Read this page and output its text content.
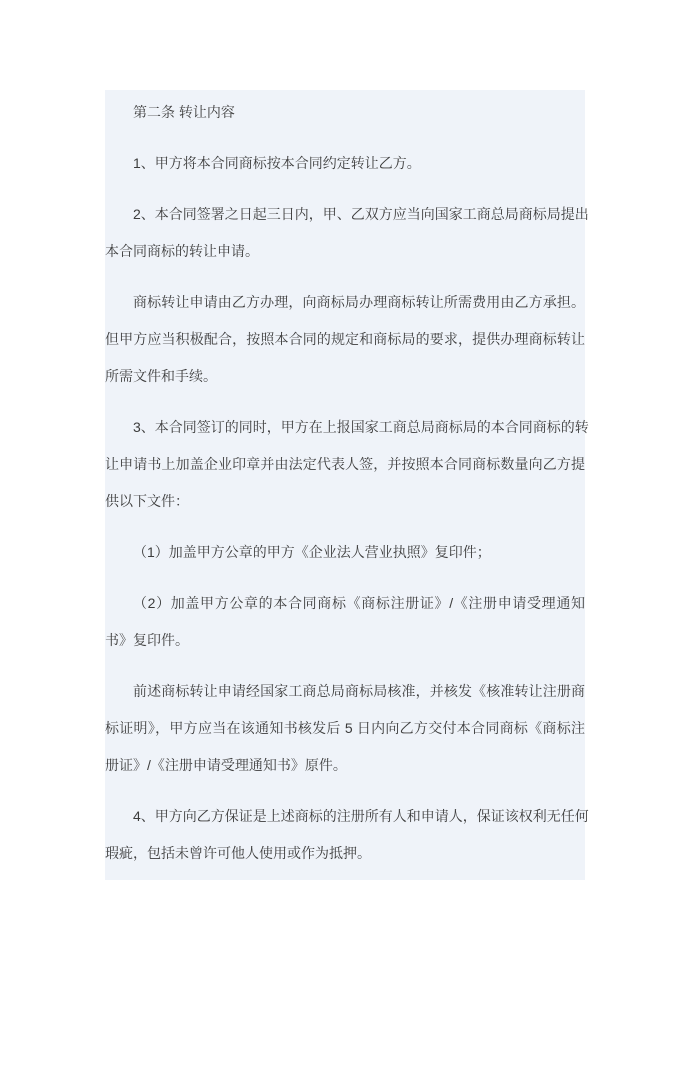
第二条 转让内容
1、甲方将本合同商标按本合同约定转让乙方。
2、本合同签署之日起三日内，甲、乙双方应当向国家工商总局商标局提出
本合同商标的转让申请。
商标转让申请由乙方办理，向商标局办理商标转让所需费用由乙方承担。
但甲方应当积极配合，按照本合同的规定和商标局的要求，提供办理商标转让
所需文件和手续。
3、本合同签订的同时，甲方在上报国家工商总局商标局的本合同商标的转
让申请书上加盖企业印章并由法定代表人签，并按照本合同商标数量向乙方提
供以下文件：
（1）加盖甲方公章的甲方《企业法人营业执照》复印件；
（2）加盖甲方公章的本合同商标《商标注册证》/《注册申请受理通知
书》复印件。
前述商标转让申请经国家工商总局商标局核准，并核发《核准转让注册商
标证明》，甲方应当在该通知书核发后 5 日内向乙方交付本合同商标《商标注
册证》/《注册申请受理通知书》原件。
4、甲方向乙方保证是上述商标的注册所有人和申请人，保证该权利无任何
瑕疵，包括未曾许可他人使用或作为抵押。
